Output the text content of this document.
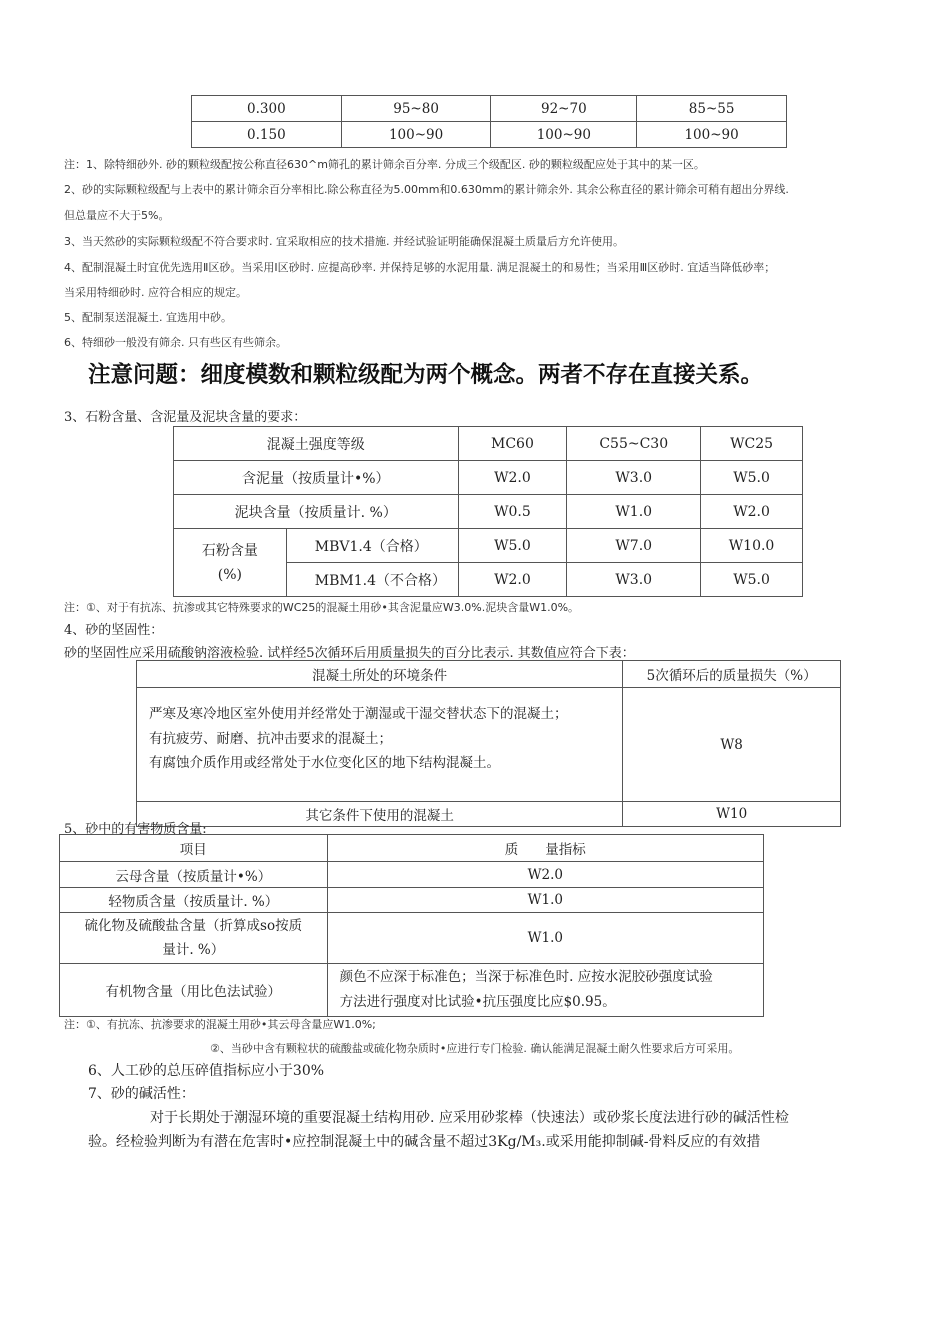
0.300	95~80	92~70	85~55
0.150	100~90	100~90	100~90
注：1、除特细砂外. 砂的颗粒级配按公称直径630^m筛孔的累计筛余百分率. 分成三个级配区. 砂的颗粒级配应处于其中的某一区。
2、砂的实际颗粒级配与上表中的累计筛余百分率相比.除公称直径为5.00mm和0.630mm的累计筛余外. 其余公称直径的累计筛余可稍有超出分界线.
但总量应不大于5%。
3、当天然砂的实际颗粒级配不符合要求时. 宜采取相应的技术措施. 并经试验证明能确保混凝土质量后方允许使用。
4、配制混凝土时宜优先选用Ⅱ区砂。当采用Ⅰ区砂时. 应提高砂率. 并保持足够的水泥用量. 满足混凝土的和易性；当采用Ⅲ区砂时. 宜适当降低砂率；
当采用特细砂时. 应符合相应的规定。
5、配制泵送混凝土. 宜选用中砂。
6、特细砂一般没有筛余. 只有些区有些筛余。
注意问题：细度模数和颗粒级配为两个概念。两者不存在直接关系。
3、石粉含量、含泥量及泥块含量的要求：
混凝土强度等级		MC60	C55~C30	WC25
含泥量（按质量计•%）		W2.0	W3.0	W5.0
泥块含量（按质量计. %）		W0.5	W1.0	W2.0
石粉含量
(%)	MBV1.4（合格）	W5.0	W7.0	W10.0
	MBM1.4（不合格）	W2.0	W3.0	W5.0
注：①、对于有抗冻、抗渗或其它特殊要求的WC25的混凝土用砂•其含泥量应W3.0%.泥块含量W1.0%。
4、砂的坚固性：
砂的坚固性应采用硫酸钠溶液检验. 试样经5次循环后用质量损失的百分比表示. 其数值应符合下表：
混凝土所处的环境条件	5次循环后的质量损失（%）

严寒及寒冷地区室外使用并经常处于潮湿或干湿交替状态下的混凝土；
有抗疲劳、耐磨、抗冲击要求的混凝土；
有腐蚀介质作用或经常处于水位变化区的地下结构混凝土。	W8
其它条件下使用的混凝土	W10
5、砂中的有害物质含量:
项目	质　　量指标
云母含量（按质量计•%）	W2.0
轻物质含量（按质量计. %）	W1.0
硫化物及硫酸盐含量（折算成so按质
量计. %）	W1.0
有机物含量（用比色法试验）	颜色不应深于标准色；当深于标准色时. 应按水泥胶砂强度试验
方法进行强度对比试验•抗压强度比应$0.95。
注：①、有抗冻、抗渗要求的混凝土用砂•其云母含量应W1.0%;
②、当砂中含有颗粒状的硫酸盐或硫化物杂质时•应进行专门检验. 确认能满足混凝土耐久性要求后方可采用。
6、人工砂的总压碎值指标应小于30%
7、砂的碱活性：
对于长期处于潮湿环境的重要混凝土结构用砂. 应采用砂浆棒（快速法）或砂浆长度法进行砂的碱活性检
验。经检验判断为有潜在危害时•应控制混凝土中的碱含量不超过3Kg/M₃.或采用能抑制碱-骨料反应的有效措
